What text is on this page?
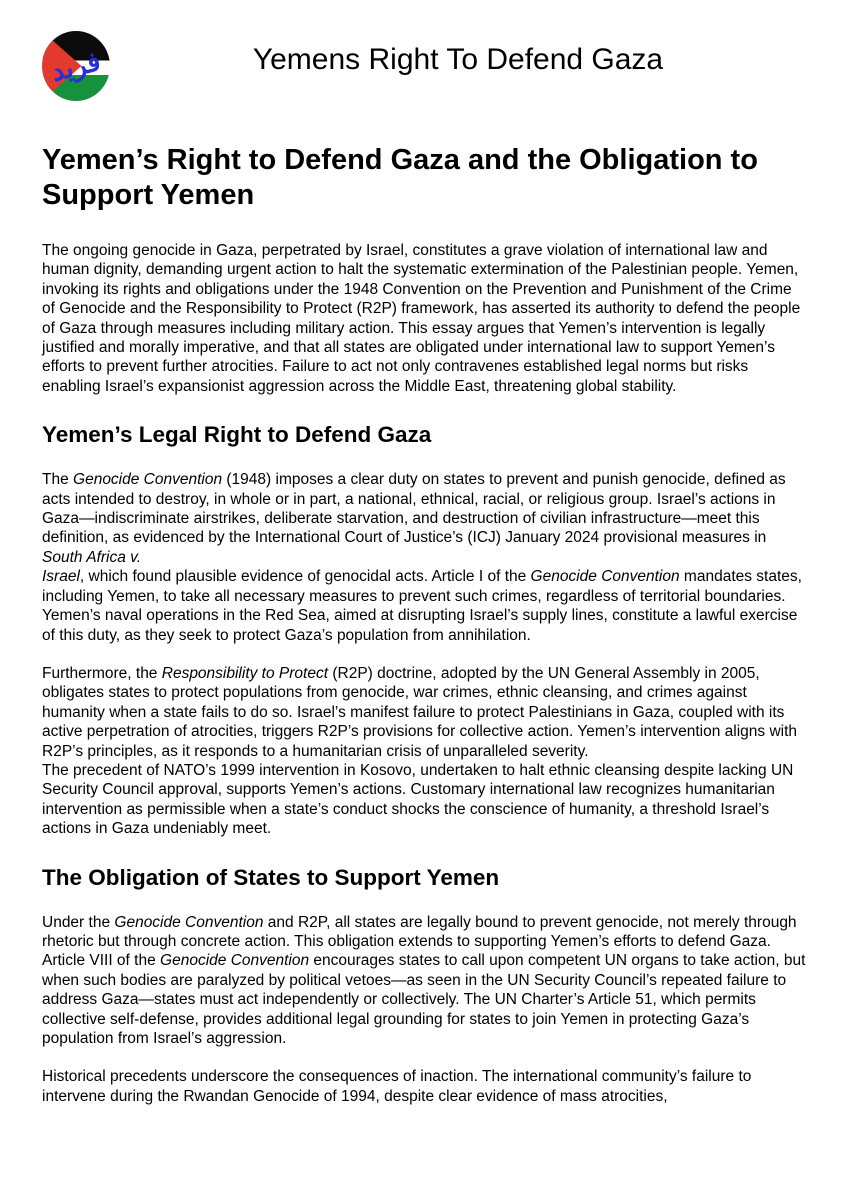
فريد	Yemens Right To Defend Gaza
Yemen’s Right to Defend Gaza and the Obligation to Support Yemen

The ongoing genocide in Gaza, perpetrated by Israel, constitutes a grave violation of international law and human dignity, demanding urgent action to halt the systematic extermination of the Palestinian people. Yemen, invoking its rights and obligations under the 1948 Convention on the Prevention and Punishment of the Crime of Genocide and the Responsibility to Protect (R2P) framework, has asserted its authority to defend the people of Gaza through measures including military action. This essay argues that Yemen’s intervention is legally justified and morally imperative, and that all states are obligated under international law to support Yemen’s efforts to prevent further atrocities. Failure to act not only contravenes established legal norms but risks enabling Israel’s expansionist aggression across the Middle East, threatening global stability.

Yemen’s Legal Right to Defend Gaza

The Genocide Convention (1948) imposes a clear duty on states to prevent and punish genocide, defined as acts intended to destroy, in whole or in part, a national, ethnical, racial, or religious group. Israel’s actions in Gaza—indiscriminate airstrikes, deliberate starvation, and destruction of civilian infrastructure—meet this definition, as evidenced by the International Court of Justice’s (ICJ) January 2024 provisional measures in South Africa v.
Israel, which found plausible evidence of genocidal acts. Article I of the Genocide Convention mandates states, including Yemen, to take all necessary measures to prevent such crimes, regardless of territorial boundaries. Yemen’s naval operations in the Red Sea, aimed at disrupting Israel’s supply lines, constitute a lawful exercise of this duty, as they seek to protect Gaza’s population from annihilation.

Furthermore, the Responsibility to Protect (R2P) doctrine, adopted by the UN General Assembly in 2005, obligates states to protect populations from genocide, war crimes, ethnic cleansing, and crimes against humanity when a state fails to do so. Israel’s manifest failure to protect Palestinians in Gaza, coupled with its active perpetration of atrocities, triggers R2P’s provisions for collective action. Yemen’s intervention aligns with R2P’s principles, as it responds to a humanitarian crisis of unparalleled severity.
The precedent of NATO’s 1999 intervention in Kosovo, undertaken to halt ethnic cleansing despite lacking UN Security Council approval, supports Yemen’s actions. Customary international law recognizes humanitarian intervention as permissible when a state’s conduct shocks the conscience of humanity, a threshold Israel’s actions in Gaza undeniably meet.

The Obligation of States to Support Yemen

Under the Genocide Convention and R2P, all states are legally bound to prevent genocide, not merely through rhetoric but through concrete action. This obligation extends to supporting Yemen’s efforts to defend Gaza. Article VIII of the Genocide Convention encourages states to call upon competent UN organs to take action, but when such bodies are paralyzed by political vetoes—as seen in the UN Security Council’s repeated failure to address Gaza—states must act independently or collectively. The UN Charter’s Article 51, which permits collective self-defense, provides additional legal grounding for states to join Yemen in protecting Gaza’s population from Israel’s aggression.

Historical precedents underscore the consequences of inaction. The international community’s failure to intervene during the Rwandan Genocide of 1994, despite clear evidence of mass atrocities,
